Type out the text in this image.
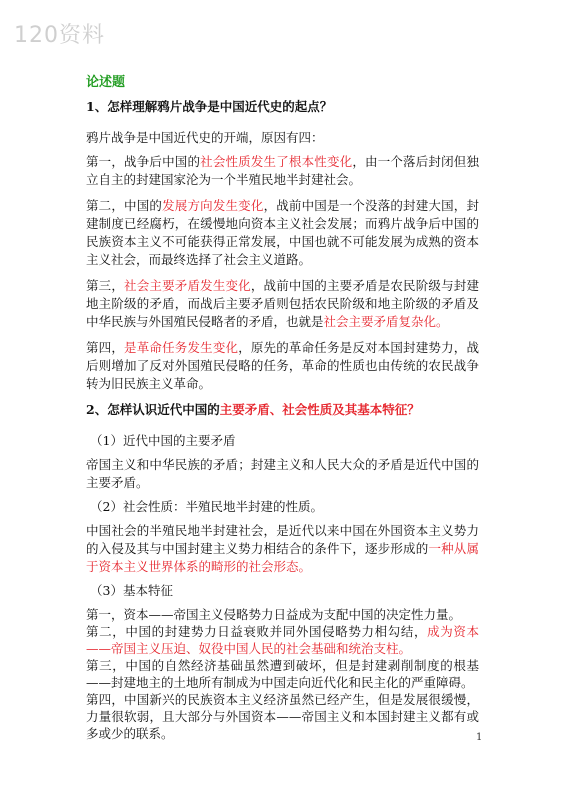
120资料
论述题
1、怎样理解鸦片战争是中国近代史的起点？
鸦片战争是中国近代史的开端，原因有四：
第一，战争后中国的社会性质发生了根本性变化，由一个落后封闭但独立自主的封建国家沦为一个半殖民地半封建社会。
第二，中国的发展方向发生变化，战前中国是一个没落的封建大国，封建制度已经腐朽，在缓慢地向资本主义社会发展；而鸦片战争后中国的民族资本主义不可能获得正常发展，中国也就不可能发展为成熟的资本主义社会，而最终选择了社会主义道路。
第三，社会主要矛盾发生变化，战前中国的主要矛盾是农民阶级与封建地主阶级的矛盾，而战后主要矛盾则包括农民阶级和地主阶级的矛盾及中华民族与外国殖民侵略者的矛盾，也就是社会主要矛盾复杂化。
第四，是革命任务发生变化，原先的革命任务是反对本国封建势力，战后则增加了反对外国殖民侵略的任务，革命的性质也由传统的农民战争转为旧民族主义革命。
2、怎样认识近代中国的主要矛盾、社会性质及其基本特征？
（1）近代中国的主要矛盾
帝国主义和中华民族的矛盾；封建主义和人民大众的矛盾是近代中国的主要矛盾。
（2）社会性质：半殖民地半封建的性质。
中国社会的半殖民地半封建社会，是近代以来中国在外国资本主义势力的入侵及其与中国封建主义势力相结合的条件下，逐步形成的一种从属于资本主义世界体系的畸形的社会形态。
（3）基本特征
第一，资本——帝国主义侵略势力日益成为支配中国的决定性力量。
第二，中国的封建势力日益衰败并同外国侵略势力相勾结，成为资本——帝国主义压迫、奴役中国人民的社会基础和统治支柱。
第三，中国的自然经济基础虽然遭到破坏，但是封建剥削制度的根基——封建地主的土地所有制成为中国走向近代化和民主化的严重障碍。
第四，中国新兴的民族资本主义经济虽然已经产生，但是发展很缓慢，力量很软弱，且大部分与外国资本——帝国主义和本国封建主义都有或多或少的联系。	1
